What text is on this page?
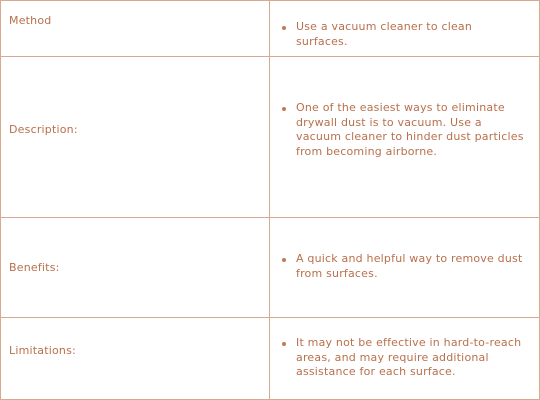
Method	Use a vacuum cleaner to clean surfaces.
Description:
One of the easiest ways to eliminate drywall dust is to vacuum. Use a vacuum cleaner to hinder dust particles from becoming airborne.
Benefits:
A quick and helpful way to remove dust from surfaces.
Limitations:
It may not be effective in hard-to-reach areas, and may require additional assistance for each surface.
